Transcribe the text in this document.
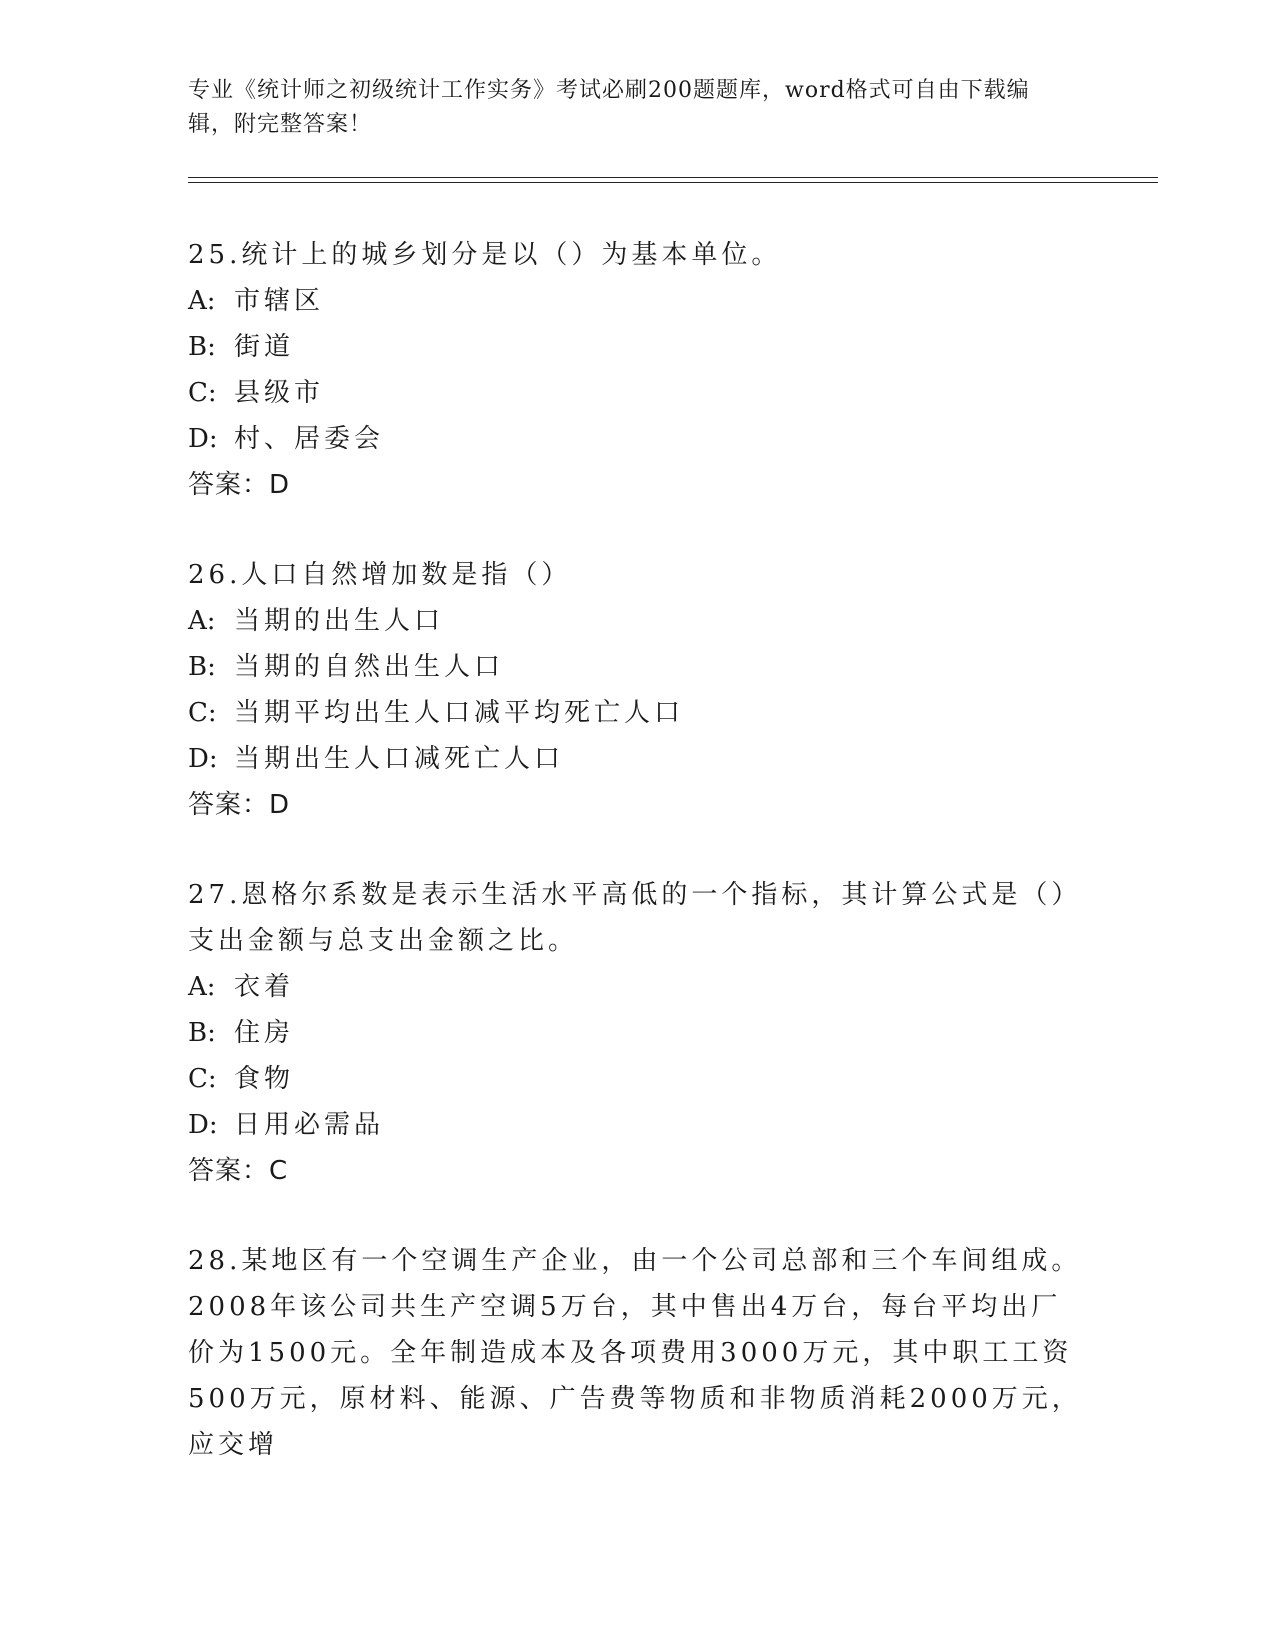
专业《统计师之初级统计工作实务》考试必刷200题题库，word格式可自由下载编辑，附完整答案！
25.统计上的城乡划分是以（）为基本单位。
A: 市辖区
B: 街道
C: 县级市
D: 村、居委会
答案：D
26.人口自然增加数是指（）
A: 当期的出生人口
B: 当期的自然出生人口
C: 当期平均出生人口减平均死亡人口
D: 当期出生人口减死亡人口
答案：D
27.恩格尔系数是表示生活水平高低的一个指标，其计算公式是（）支出金额与总支出金额之比。
A: 衣着
B: 住房
C: 食物
D: 日用必需品
答案：C
28.某地区有一个空调生产企业，由一个公司总部和三个车间组成。2008年该公司共生产空调5万台，其中售出4万台，每台平均出厂价为1500元。全年制造成本及各项费用3000万元，其中职工工资500万元，原材料、能源、广告费等物质和非物质消耗2000万元，应交增
